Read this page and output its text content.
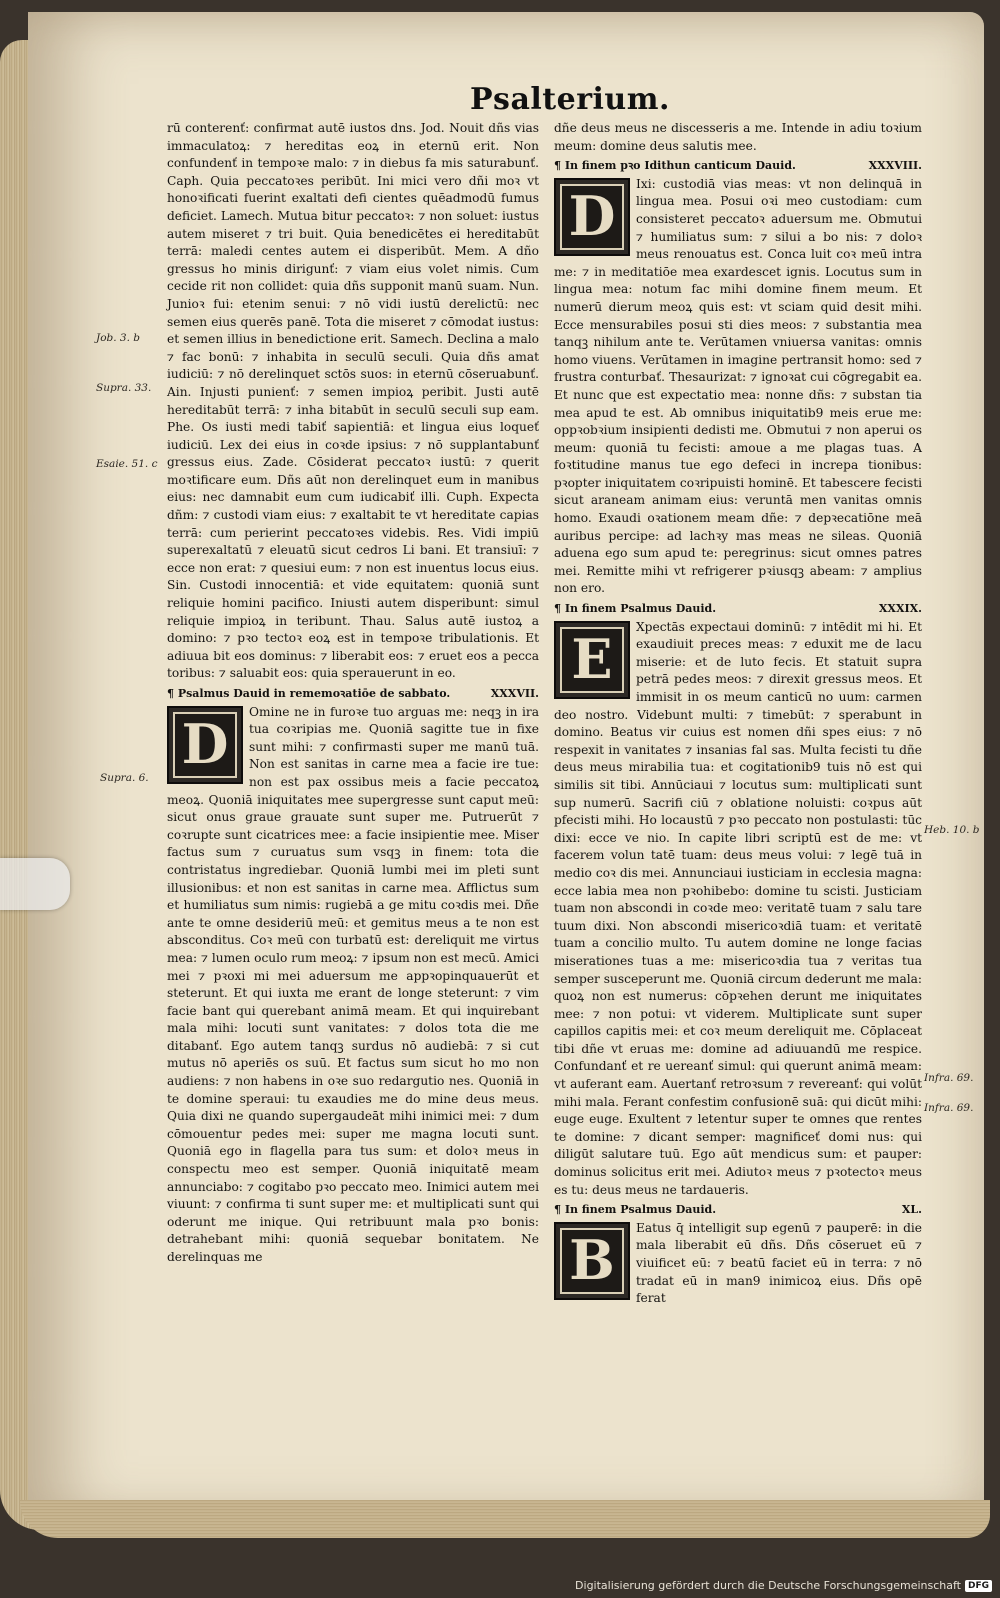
Psalterium.

rū conterenť: confirmat autē iustos dns. Jod. Nouit dñs vias immaculatoꝝ: ⁊ hereditas eoꝝ in eternū erit. Non confundenť in tempoꝛe malo: ⁊ in diebus fa mis saturabunť. Caph. Quia peccatoꝛes peribūt. Ini mici vero dñi moꝛ vt honoꝛificati fuerint exaltati defi cientes quēadmodū fumus deficiet. Lamech. Mutua bitur peccatoꝛ: ⁊ non soluet: iustus autem miseret ⁊ tri buit. Quia benedicētes ei hereditabūt terrā: maledi centes autem ei disperibūt. Mem. A dño gressus ho minis dirigunť: ⁊ viam eius volet nimis. Cum cecide rit non collidet: quia dñs supponit manū suam. Nun. Junioꝛ fui: etenim senui: ⁊ nō vidi iustū derelictū: nec semen eius querēs panē. Tota die miseret ⁊ cōmodat iustus: et semen illius in benedictione erit. Samech. Declina a malo ⁊ fac bonū: ⁊ inhabita in seculū seculi. Quia dñs amat iudiciū: ⁊ nō derelinquet sctōs suos: in eternū cōseruabunť. Ain. Injusti punienť: ⁊ semen impioꝝ peribit. Justi autē hereditabūt terrā: ⁊ inha bitabūt in seculū seculi sup eam. Phe. Os iusti medi tabiť sapientiā: et lingua eius loqueť iudiciū. Lex dei eius in coꝛde ipsius: ⁊ nō supplantabunť gressus eius. Zade. Cōsiderat peccatoꝛ iustū: ⁊ querit moꝛtificare eum. Dñs aūt non derelinquet eum in manibus eius: nec damnabit eum cum iudicabiť illi. Cuph. Expecta dñm: ⁊ custodi viam eius: ⁊ exaltabit te vt hereditate capias terrā: cum perierint peccatoꝛes videbis. Res. Vidi impiū superexaltatū ⁊ eleuatū sicut cedros Li bani. Et transiuī: ⁊ ecce non erat: ⁊ quesiui eum: ⁊ non est inuentus locus eius. Sin. Custodi innocentiā: et vide equitatem: quoniā sunt reliquie homini pacifico. Iniusti autem disperibunt: simul reliquie impioꝝ in teribunt. Thau. Salus autē iustoꝝ a domino: ⁊ pꝛo tectoꝛ eoꝝ est in tempoꝛe tribulationis. Et adiuua bit eos dominus: ⁊ liberabit eos: ⁊ eruet eos a pecca toribus: ⁊ saluabit eos: quia sperauerunt in eo.

¶ Psalmus Dauid in rememoꝛatiōe de sabbato.	XXXVII.
D

Omine ne in furoꝛe tuo arguas me: neqꝫ in ira tua coꝛripias me. Quoniā sagitte tue in fixe sunt mihi: ⁊ confirmasti super me manū tuā. Non est sanitas in carne mea a facie ire tue: non est pax ossibus meis a facie peccatoꝝ meoꝝ. Quoniā iniquitates mee supergresse sunt caput meū: sicut onus graue grauate sunt super me. Putruerūt ⁊ coꝛrupte sunt cicatrices mee: a facie insipientie mee. Miser factus sum ⁊ curuatus sum vsqꝫ in finem: tota die contristatus ingrediebar. Quoniā lumbi mei im pleti sunt illusionibus: et non est sanitas in carne mea. Afflictus sum et humiliatus sum nimis: rugiebā a ge mitu coꝛdis mei. Dñe ante te omne desideriū meū: et gemitus meus a te non est absconditus. Coꝛ meū con turbatū est: dereliquit me virtus mea: ⁊ lumen oculo rum meoꝝ: ⁊ ipsum non est mecū. Amici mei ⁊ pꝛoxi mi mei aduersum me appꝛopinquauerūt et steterunt. Et qui iuxta me erant de longe steterunt: ⁊ vim facie bant qui querebant animā meam. Et qui inquirebant mala mihi: locuti sunt vanitates: ⁊ dolos tota die me ditabanť. Ego autem tanqꝫ surdus nō audiebā: ⁊ si cut mutus nō aperiēs os suū. Et factus sum sicut ho mo non audiens: ⁊ non habens in oꝛe suo redargutio nes. Quoniā in te domine speraui: tu exaudies me do mine deus meus. Quia dixi ne quando supergaudeāt mihi inimici mei: ⁊ dum cōmouentur pedes mei: super me magna locuti sunt. Quoniā ego in flagella para tus sum: et doloꝛ meus in conspectu meo est semper. Quoniā iniquitatē meam annunciabo: ⁊ cogitabo pꝛo peccato meo. Inimici autem mei viuunt: ⁊ confirma ti sunt super me: et multiplicati sunt qui oderunt me inique. Qui retribuunt mala pꝛo bonis: detrahebant mihi: quoniā sequebar bonitatem. Ne derelinquas me

dñe deus meus ne discesseris a me. Intende in adiu toꝛium meum: domine deus salutis mee.

¶ In finem pꝛo Idithun canticum Dauid.	XXXVIII.
D

Ixi: custodiā vias meas: vt non delinquā in lingua mea. Posui oꝛi meo custodiam: cum consisteret peccatoꝛ aduersum me. Obmutui ⁊ humiliatus sum: ⁊ silui a bo nis: ⁊ doloꝛ meus renouatus est. Conca luit coꝛ meū intra me: ⁊ in meditatiōe mea exardescet ignis. Locutus sum in lingua mea: notum fac mihi domine finem meum. Et numerū dierum meoꝝ quis est: vt sciam quid desit mihi. Ecce mensurabiles posui sti dies meos: ⁊ substantia mea tanqꝫ nihilum ante te. Verūtamen vniuersa vanitas: omnis homo viuens. Verūtamen in imagine pertransit homo: sed ⁊ frustra conturbať. Thesaurizat: ⁊ ignoꝛat cui cōgregabit ea. Et nunc que est expectatio mea: nonne dñs: ⁊ substan tia mea apud te est. Ab omnibus iniquitatib9 meis erue me: oppꝛobꝛium insipienti dedisti me. Obmutui ⁊ non aperui os meum: quoniā tu fecisti: amoue a me plagas tuas. A foꝛtitudine manus tue ego defeci in increpa tionibus: pꝛopter iniquitatem coꝛripuisti hominē. Et tabescere fecisti sicut araneam animam eius: veruntā men vanitas omnis homo. Exaudi oꝛationem meam dñe: ⁊ depꝛecatiōne meā auribus percipe: ad lachꝛy mas meas ne sileas. Quoniā aduena ego sum apud te: peregrinus: sicut omnes patres mei. Remitte mihi vt refrigerer pꝛiusqꝫ abeam: ⁊ amplius non ero.

¶ In finem Psalmus Dauid.	XXXIX.
E

Xpectās expectaui dominū: ⁊ intēdit mi hi. Et exaudiuit preces meas: ⁊ eduxit me de lacu miserie: et de luto fecis. Et statuit supra petrā pedes meos: ⁊ direxit gressus meos. Et immisit in os meum canticū no uum: carmen deo nostro. Videbunt multi: ⁊ timebūt: ⁊ sperabunt in domino. Beatus vir cuius est nomen dñi spes eius: ⁊ nō respexit in vanitates ⁊ insanias fal sas. Multa fecisti tu dñe deus meus mirabilia tua: et cogitationib9 tuis nō est qui similis sit tibi. Annūciaui ⁊ locutus sum: multiplicati sunt sup numerū. Sacrifi ciū ⁊ oblatione noluisti: coꝛpus aūt pfecisti mihi. Ho locaustū ⁊ pꝛo peccato non postulasti: tūc dixi: ecce ve nio. In capite libri scriptū est de me: vt facerem volun tatē tuam: deus meus volui: ⁊ legē tuā in medio coꝛ dis mei. Annunciaui iusticiam in ecclesia magna: ecce labia mea non pꝛohibebo: domine tu scisti. Justiciam tuam non abscondi in coꝛde meo: veritatē tuam ⁊ salu tare tuum dixi. Non abscondi misericoꝛdiā tuam: et veritatē tuam a concilio multo. Tu autem domine ne longe facias miserationes tuas a me: misericoꝛdia tua ⁊ veritas tua semper susceperunt me. Quoniā circum dederunt me mala: quoꝝ non est numerus: cōpꝛehen derunt me iniquitates mee: ⁊ non potui: vt viderem. Multiplicate sunt super capillos capitis mei: et coꝛ meum dereliquit me. Cōplaceat tibi dñe vt eruas me: domine ad adiuuandū me respice. Confundanť et re uereanť simul: qui querunt animā meam: vt auferant eam. Auertanť retroꝛsum ⁊ revereanť: qui volūt mihi mala. Ferant confestim confusionē suā: qui dicūt mihi: euge euge. Exultent ⁊ letentur super te omnes que rentes te domine: ⁊ dicant semper: magnificeť domi nus: qui diligūt salutare tuū. Ego aūt mendicus sum: et pauper: dominus solicitus erit mei. Adiutoꝛ meus ⁊ pꝛotectoꝛ meus es tu: deus meus ne tardaueris.

¶ In finem Psalmus Dauid.	XL.
B

Eatus q̄ intelligit sup egenū ⁊ pauperē: in die mala liberabit eū dñs. Dñs cōseruet eū ⁊ viuificet eū: ⁊ beatū faciet eū in terra: ⁊ nō tradat eū in man9 inimicoꝝ eius. Dñs opē ferat

Job. 3. b
Supra. 33.
Esaie. 51. c
Supra. 6.
Heb. 10. b
Infra. 69.
Infra. 69.
Digitalisierung gefördert durch die Deutsche Forschungsgemeinschaft DFG
